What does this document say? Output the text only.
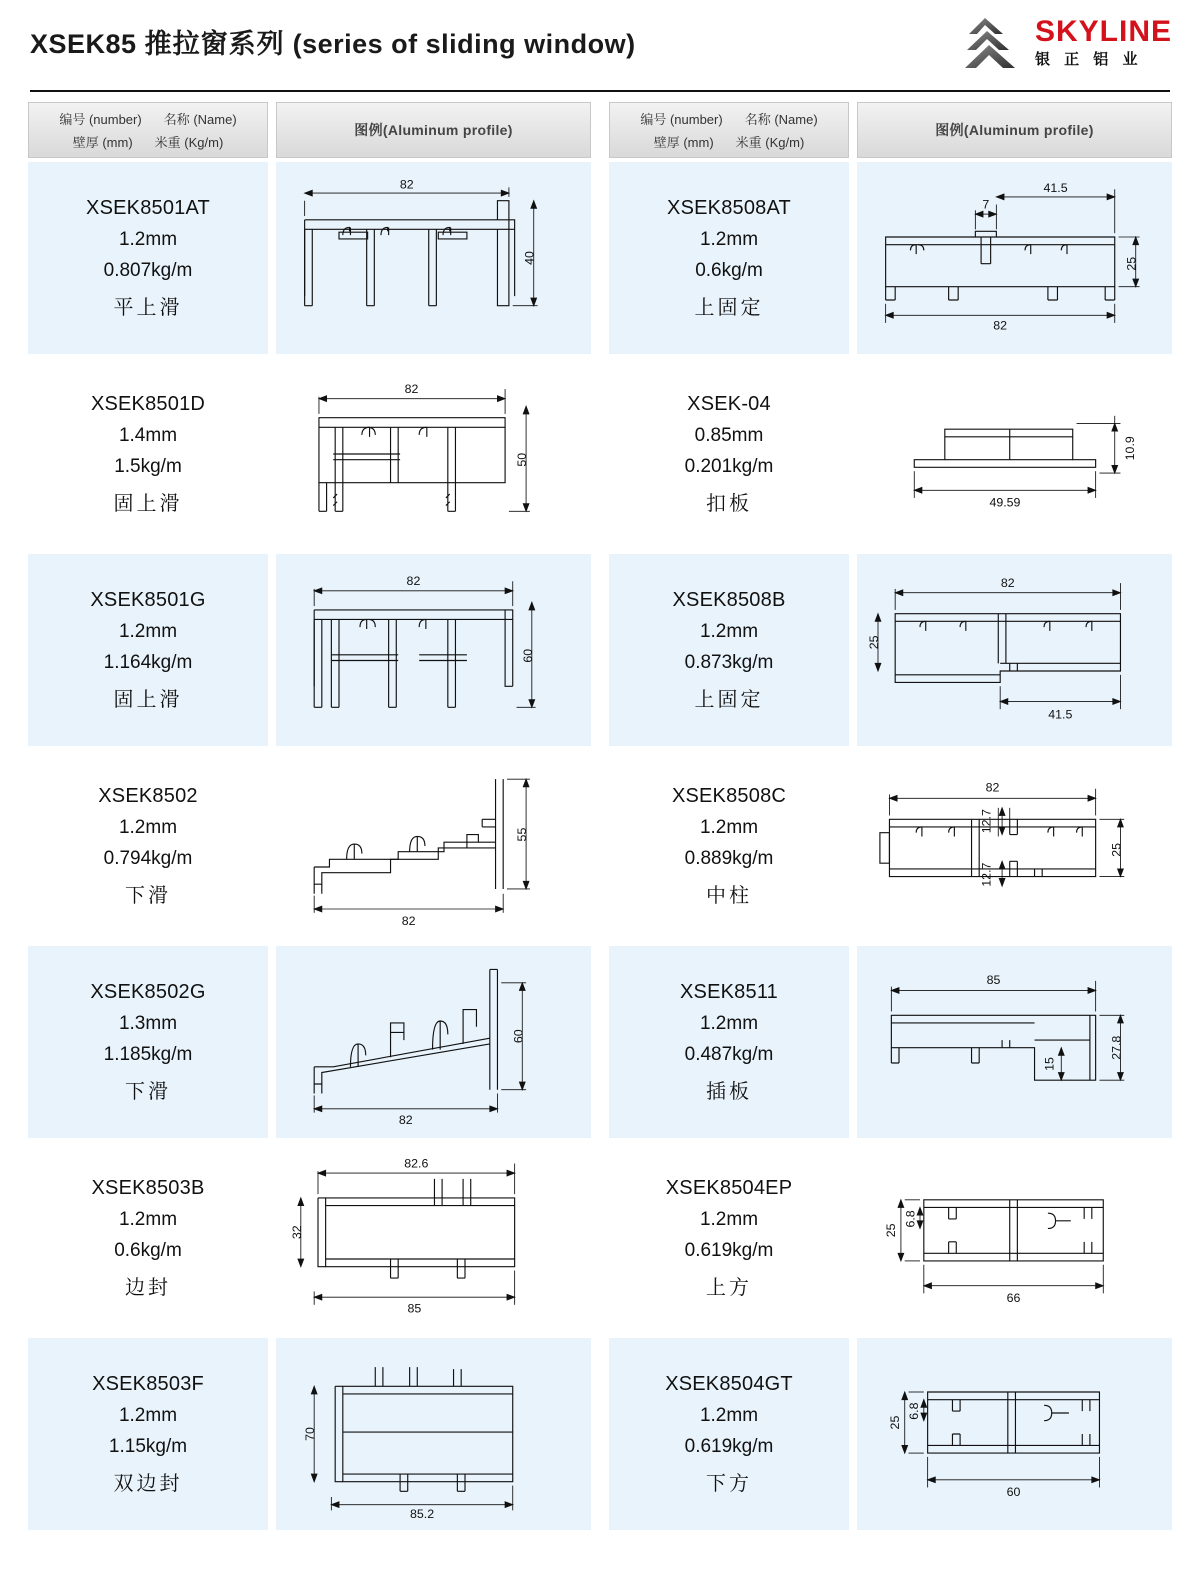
XSEK85 推拉窗系列 (series of sliding window)	SKYLINE
银 正 铝 业
编号 (number) 名称 (Name)
壁厚 (mm) 米重 (Kg/m)
图例(Aluminum profile)
XSEK8501AT
1.2mm
0.807kg/m
平上滑
82
40
XSEK8501D
1.4mm
1.5kg/m
固上滑
82
50
XSEK8501G
1.2mm
1.164kg/m
固上滑
82
60
XSEK8502
1.2mm
0.794kg/m
下滑
55
82
XSEK8502G
1.3mm
1.185kg/m
下滑
60
82
XSEK8503B
1.2mm
0.6kg/m
边封
82.6
32
85
XSEK8503F
1.2mm
1.15kg/m
双边封
70
85.2
编号 (number) 名称 (Name)
壁厚 (mm) 米重 (Kg/m)
图例(Aluminum profile)
XSEK8508AT
1.2mm
0.6kg/m
上固定
41.5
7
25
82
XSEK-04
0.85mm
0.201kg/m
扣板
10.9
49.59
XSEK8508B
1.2mm
0.873kg/m
上固定
82
25
41.5
XSEK8508C
1.2mm
0.889kg/m
中柱
82
12.7
12.7
25
XSEK8511
1.2mm
0.487kg/m
插板
85
27.8
15
XSEK8504EP
1.2mm
0.619kg/m
上方
25
6.8
66
XSEK8504GT
1.2mm
0.619kg/m
下方
25
6.8
60
